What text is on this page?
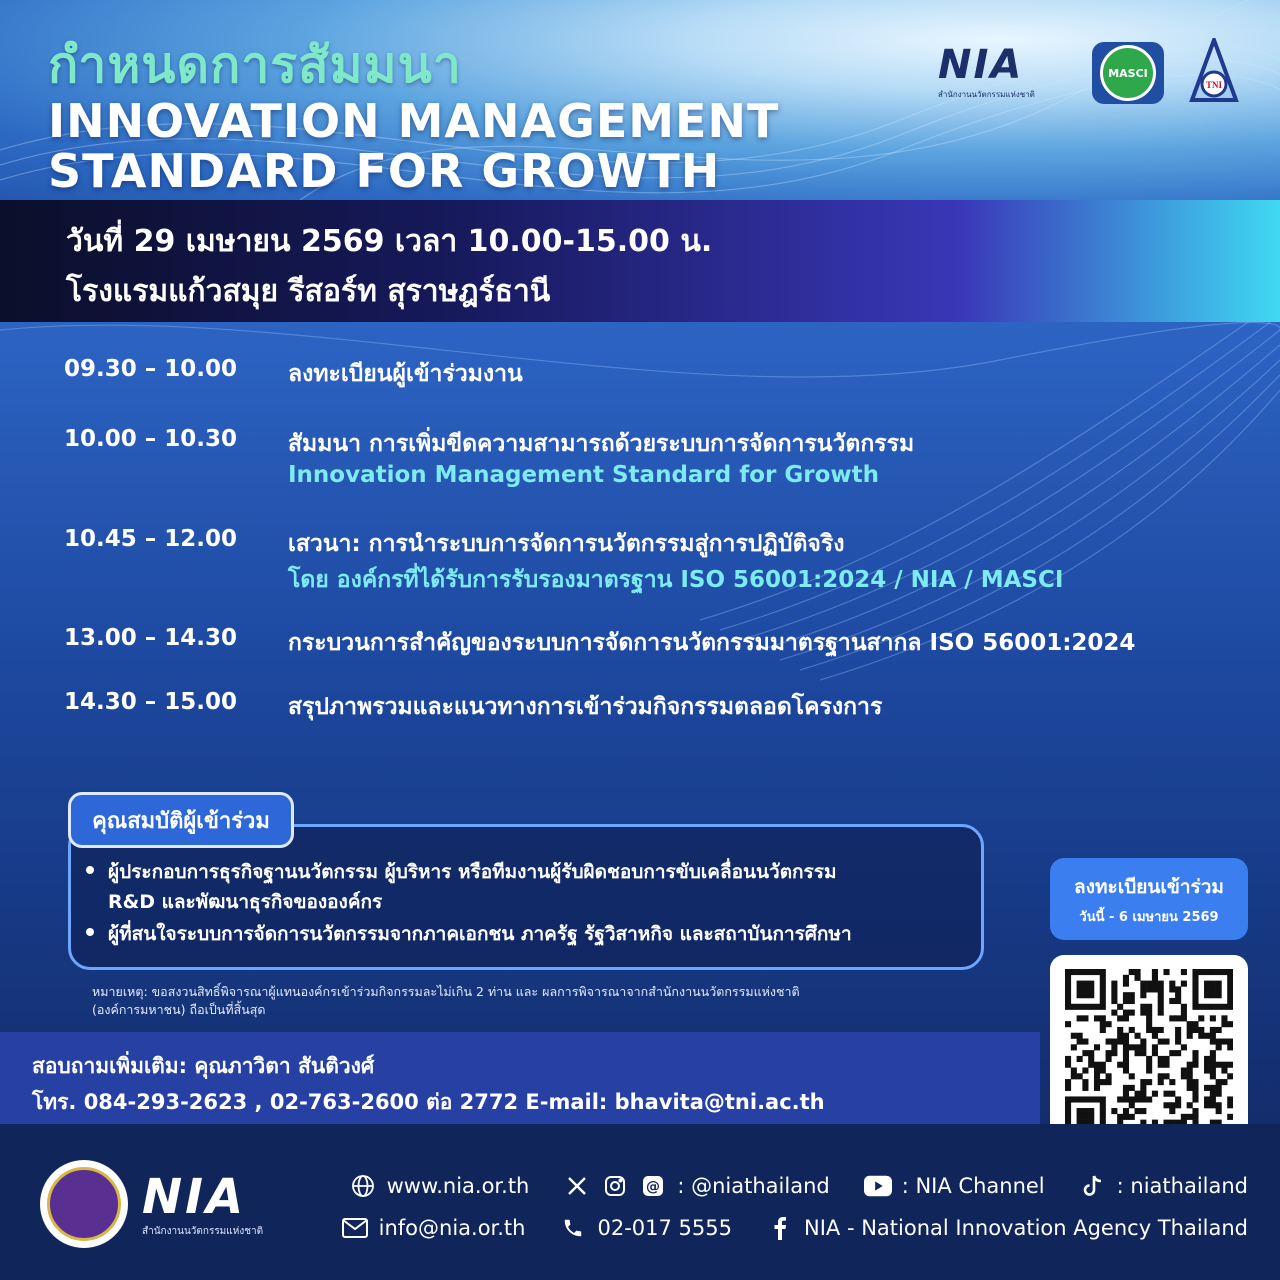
กำหนดการสัมมนา
INNOVATION MANAGEMENT
STANDARD FOR GROWTH
NIA
สำนักงานนวัตกรรมแห่งชาติ
MASCI
TNI
วันที่ 29 เมษายน 2569 เวลา 10.00-15.00 น.
โรงแรมแก้วสมุย รีสอร์ท สุราษฎร์ธานี
09.30 – 10.00 ลงทะเบียนผู้เข้าร่วมงาน
10.00 – 10.30 สัมมนา การเพิ่มขีดความสามารถด้วยระบบการจัดการนวัตกรรม
Innovation Management Standard for Growth
10.45 – 12.00 เสวนา: การนำระบบการจัดการนวัตกรรมสู่การปฏิบัติจริง
โดย องค์กรที่ได้รับการรับรองมาตรฐาน ISO 56001:2024 / NIA / MASCI
13.00 – 14.30 กระบวนการสำคัญของระบบการจัดการนวัตกรรมมาตรฐานสากล ISO 56001:2024
14.30 – 15.00 สรุปภาพรวมและแนวทางการเข้าร่วมกิจกรรมตลอดโครงการ
คุณสมบัติผู้เข้าร่วม
ผู้ประกอบการธุรกิจฐานนวัตกรรม ผู้บริหาร หรือทีมงานผู้รับผิดชอบการขับเคลื่อนนวัตกรรม
R&D และพัฒนาธุรกิจขององค์กร
ผู้ที่สนใจระบบการจัดการนวัตกรรมจากภาคเอกชน ภาครัฐ รัฐวิสาหกิจ และสถาบันการศึกษา
หมายเหตุ: ขอสงวนสิทธิ์พิจารณาผู้แทนองค์กรเข้าร่วมกิจกรรมละไม่เกิน 2 ท่าน และ ผลการพิจารณาจากสำนักงานนวัตกรรมแห่งชาติ
(องค์การมหาชน) ถือเป็นที่สิ้นสุด
ลงทะเบียนเข้าร่วม
วันนี้ - 6 เมษายน 2569
สอบถามเพิ่มเติม: คุณภาวิตา สันติวงศ์
โทร. 084-293-2623 , 02-763-2600 ต่อ 2772 E-mail: bhavita@tni.ac.th
NIA
สำนักงานนวัตกรรมแห่งชาติ
www.nia.or.th	@ : @niathailand	: NIA Channel	: niathailand
info@nia.or.th	02-017 5555	NIA - National Innovation Agency Thailand
